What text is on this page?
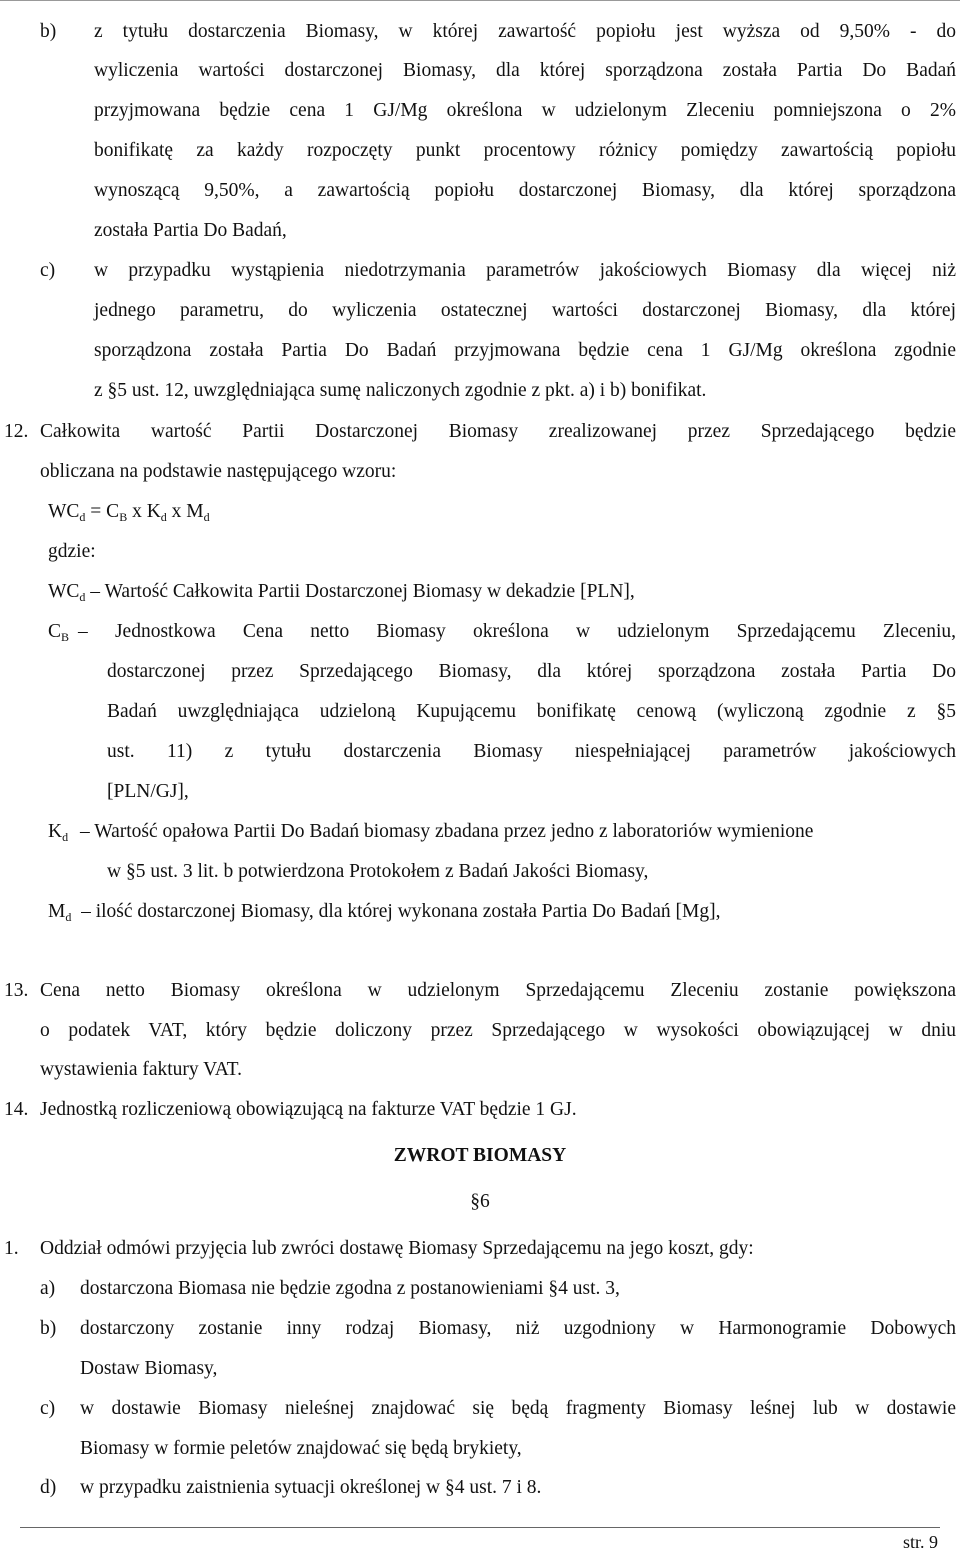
b) z tytułu dostarczenia Biomasy, w której zawartość popiołu jest wyższa od 9,50% - do
wyliczenia wartości dostarczonej Biomasy, dla której sporządzona została Partia Do Badań
przyjmowana będzie cena 1 GJ/Mg określona w udzielonym Zleceniu pomniejszona o 2%
bonifikatę za każdy rozpoczęty punkt procentowy różnicy pomiędzy zawartością popiołu
wynoszącą 9,50%, a zawartością popiołu dostarczonej Biomasy, dla której sporządzona
została Partia Do Badań,
c) w przypadku wystąpienia niedotrzymania parametrów jakościowych Biomasy dla więcej niż
jednego parametru, do wyliczenia ostatecznej wartości dostarczonej Biomasy, dla której
sporządzona została Partia Do Badań przyjmowana będzie cena 1 GJ/Mg określona zgodnie
z §5 ust. 12, uwzględniająca sumę naliczonych zgodnie z pkt. a) i b) bonifikat.
12. Całkowita wartość Partii Dostarczonej Biomasy zrealizowanej przez Sprzedającego będzie
obliczana na podstawie następującego wzoru:
$WC_d = C_B$ x $K_d$ x $M_d$
gdzie:
$WC_d$ – Wartość Całkowita Partii Dostarczonej Biomasy w dekadzie [PLN],
$C_B$ – Jednostkowa Cena netto Biomasy określona w udzielonym Sprzedającemu Zleceniu,
dostarczonej przez Sprzedającego Biomasy, dla której sporządzona została Partia Do
Badań uwzględniająca udzieloną Kupującemu bonifikatę cenową (wyliczoną zgodnie z §5
ust. 11) z tytułu dostarczenia Biomasy niespełniającej parametrów jakościowych
[PLN/GJ],
$K_d$ – Wartość opałowa Partii Do Badań biomasy zbadana przez jedno z laboratoriów wymienione
w §5 ust. 3 lit. b potwierdzona Protokołem z Badań Jakości Biomasy,
$M_d$ – ilość dostarczonej Biomasy, dla której wykonana została Partia Do Badań [Mg],
13. Cena netto Biomasy określona w udzielonym Sprzedającemu Zleceniu zostanie powiększona
o podatek VAT, który będzie doliczony przez Sprzedającego w wysokości obowiązującej w dniu
wystawienia faktury VAT.
14. Jednostką rozliczeniową obowiązującą na fakturze VAT będzie 1 GJ.
ZWROT BIOMASY
§6
1. Oddział odmówi przyjęcia lub zwróci dostawę Biomasy Sprzedającemu na jego koszt, gdy:
a) dostarczona Biomasa nie będzie zgodna z postanowieniami §4 ust. 3,
b) dostarczony zostanie inny rodzaj Biomasy, niż uzgodniony w Harmonogramie Dobowych
Dostaw Biomasy,
c) w dostawie Biomasy nieleśnej znajdować się będą fragmenty Biomasy leśnej lub w dostawie
Biomasy w formie peletów znajdować się będą brykiety,
d) w przypadku zaistnienia sytuacji określonej w §4 ust. 7 i 8.
str. 9
